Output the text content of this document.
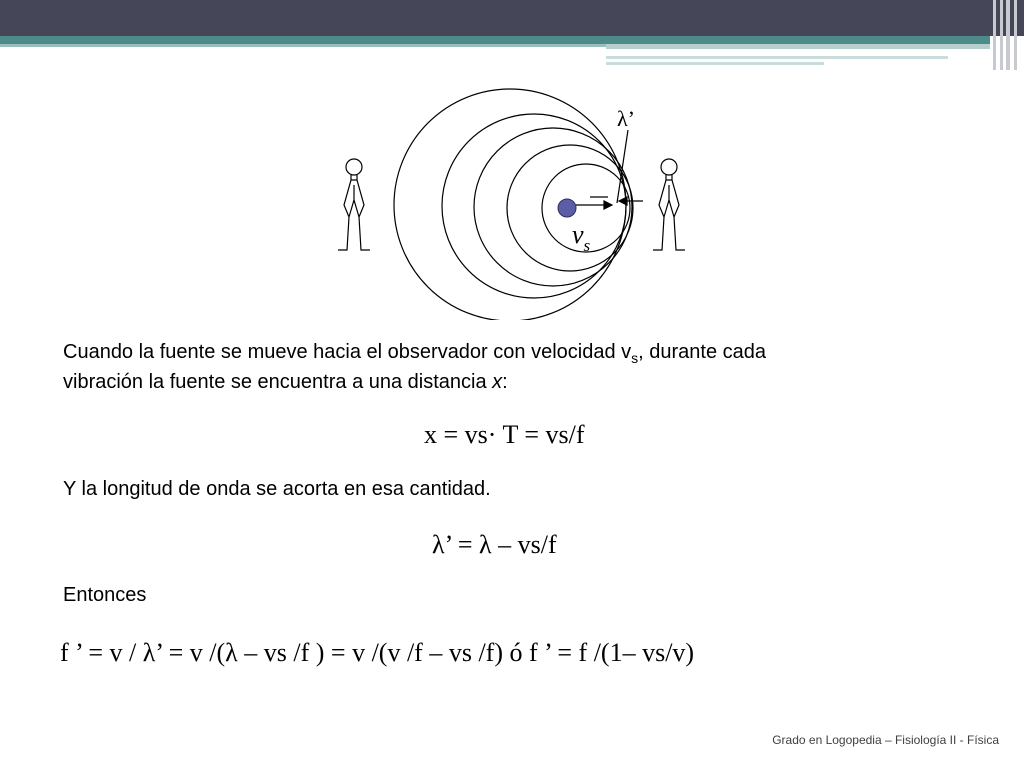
λ’
$v_s$
Cuando la fuente se mueve hacia el observador con velocidad $v_s$, durante cada
vibración la fuente se encuentra a una distancia x:
x = vs· T = vs/f
Y la longitud de onda se acorta en esa cantidad.
λ’ = λ – vs/f
Entonces
f ’ = v / λ’ = v /(λ – vs /f ) = v /(v /f – vs /f) ó f ’ = f /(1– vs/v)
Grado en Logopedia – Fisiología II - Física
